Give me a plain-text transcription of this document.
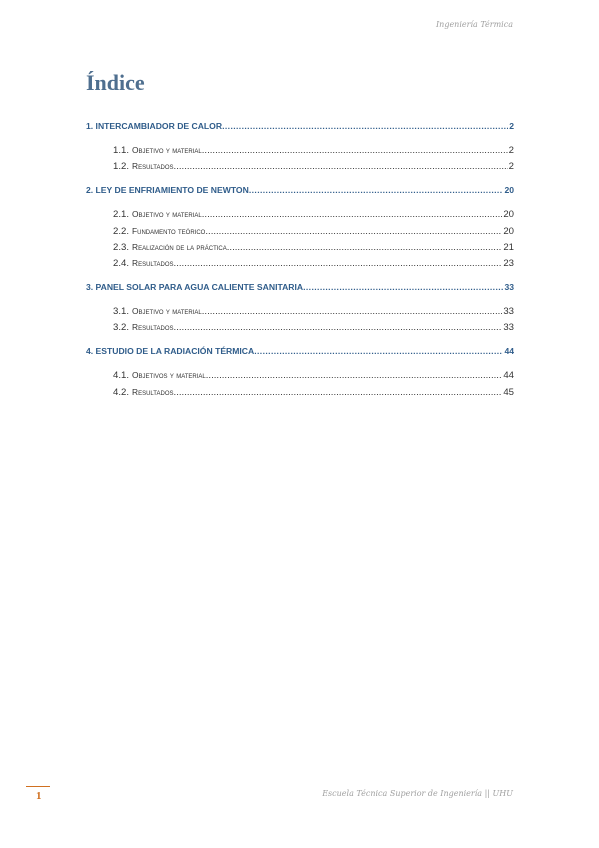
Ingeniería Térmica
Índice
1. INTERCAMBIADOR DE CALOR .....	2
1.1. Objetivo y material .....	2
1.2. Resultados .....	2
2. LEY DE ENFRIAMIENTO DE NEWTON .....	20
2.1. Objetivo y material .....	20
2.2. Fundamento teórico .....	20
2.3. Realización de la práctica .....	21
2.4. Resultados .....	23
3. PANEL SOLAR PARA AGUA CALIENTE SANITARIA .....	33
3.1. Objetivo y material .....	33
3.2. Resultados .....	33
4. ESTUDIO DE LA RADIACIÓN TÉRMICA .....	44
4.1. Objetivos y material .....	44
4.2. Resultados .....	45
1	Escuela Técnica Superior de Ingeniería || UHU
